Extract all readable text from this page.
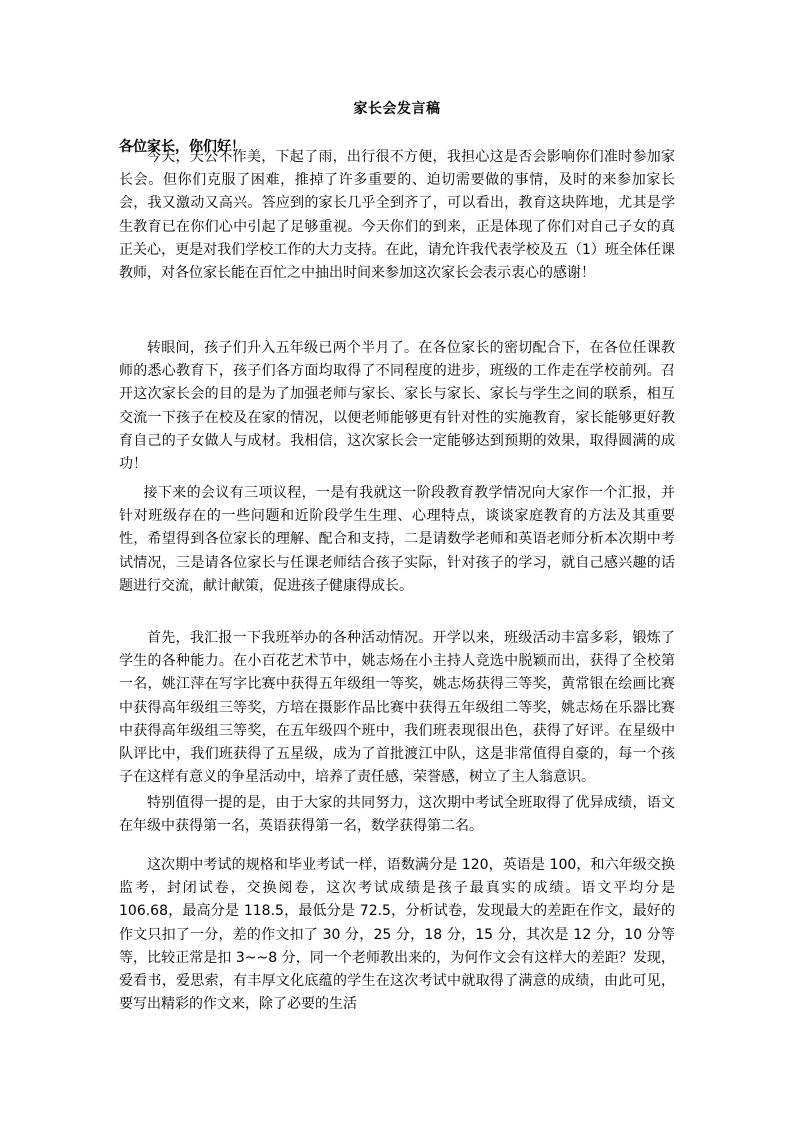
家长会发言稿
各位家长，你们好！

今天，天公不作美，下起了雨，出行很不方便，我担心这是否会影响你们准时参加家长会。但你们克服了困难，推掉了许多重要的、迫切需要做的事情，及时的来参加家长会，我又激动又高兴。答应到的家长几乎全到齐了，可以看出，教育这块阵地，尤其是学生教育已在你们心中引起了足够重视。今天你们的到来，正是体现了你们对自己子女的真正关心，更是对我们学校工作的大力支持。在此，请允许我代表学校及五（1）班全体任课教师，对各位家长能在百忙之中抽出时间来参加这次家长会表示衷心的感谢！

转眼间，孩子们升入五年级已两个半月了。在各位家长的密切配合下，在各位任课教师的悉心教育下，孩子们各方面均取得了不同程度的进步，班级的工作走在学校前列。召开这次家长会的目的是为了加强老师与家长、家长与家长、家长与学生之间的联系，相互交流一下孩子在校及在家的情况，以便老师能够更有针对性的实施教育，家长能够更好教育自己的子女做人与成材。我相信，这次家长会一定能够达到预期的效果，取得圆满的成功！

接下来的会议有三项议程，一是有我就这一阶段教育教学情况向大家作一个汇报，并针对班级存在的一些问题和近阶段学生生理、心理特点，谈谈家庭教育的方法及其重要性，希望得到各位家长的理解、配合和支持，二是请数学老师和英语老师分析本次期中考试情况，三是请各位家长与任课老师结合孩子实际，针对孩子的学习，就自己感兴趣的话题进行交流，献计献策，促进孩子健康得成长。

首先，我汇报一下我班举办的各种活动情况。开学以来，班级活动丰富多彩，锻炼了学生的各种能力。在小百花艺术节中，姚志炀在小主持人竞选中脱颖而出，获得了全校第一名，姚江萍在写字比赛中获得五年级组一等奖，姚志炀获得三等奖，黄常银在绘画比赛中获得高年级组三等奖，方培在摄影作品比赛中获得五年级组二等奖，姚志炀在乐器比赛中获得高年级组三等奖，在五年级四个班中，我们班表现很出色，获得了好评。在星级中队评比中，我们班获得了五星级，成为了首批渡江中队，这是非常值得自豪的，每一个孩子在这样有意义的争星活动中，培养了责任感，荣誉感，树立了主人翁意识。

特别值得一提的是，由于大家的共同努力，这次期中考试全班取得了优异成绩，语文在年级中获得第一名，英语获得第一名，数学获得第二名。

这次期中考试的规格和毕业考试一样，语数满分是 120，英语是 100，和六年级交换监考，封闭试卷，交换阅卷，这次考试成绩是孩子最真实的成绩。语文平均分是 106.68，最高分是 118.5，最低分是 72.5，分析试卷，发现最大的差距在作文，最好的作文只扣了一分，差的作文扣了 30 分，25 分，18 分，15 分，其次是 12 分，10 分等等，比较正常是扣 3~~8 分，同一个老师教出来的，为何作文会有这样大的差距？发现，爱看书，爱思索，有丰厚文化底蕴的学生在这次考试中就取得了满意的成绩，由此可见，要写出精彩的作文来，除了必要的生活
